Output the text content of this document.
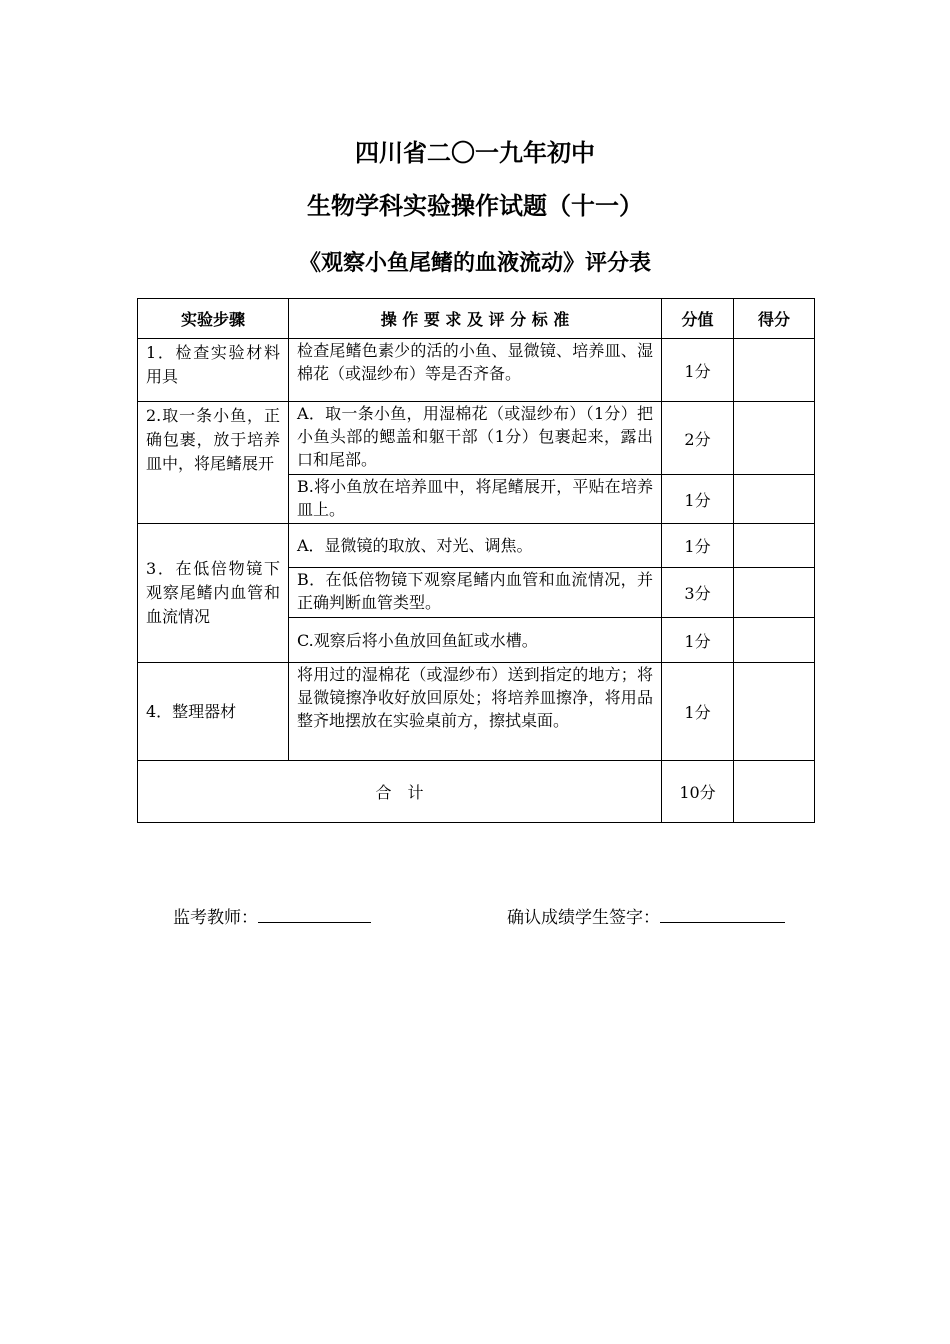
四川省二〇一九年初中
生物学科实验操作试题（十一）
《观察小鱼尾鳍的血液流动》评分表
实验步骤	操 作 要 求 及 评 分 标 准	分值	得分
1．检查实验材料用具	检查尾鳍色素少的活的小鱼、显微镜、培养皿、湿棉花（或湿纱布）等是否齐备。	1分	
2.取一条小鱼，正确包裹，放于培养皿中，将尾鳍展开	A．取一条小鱼，用湿棉花（或湿纱布）（1分）把小鱼头部的鳃盖和躯干部（1分）包裹起来，露出口和尾部。	2分	
	B.将小鱼放在培养皿中，将尾鳍展开，平贴在培养皿上。	1分	
3．在低倍物镜下观察尾鳍内血管和血流情况	A．显微镜的取放、对光、调焦。	1分	
	B．在低倍物镜下观察尾鳍内血管和血流情况，并正确判断血管类型。	3分	
	C.观察后将小鱼放回鱼缸或水槽。	1分	
4．整理器材	将用过的湿棉花（或湿纱布）送到指定的地方；将显微镜擦净收好放回原处；将培养皿擦净，将用品整齐地摆放在实验桌前方，擦拭桌面。	1分	
合　计		10分	
监考教师：	确认成绩学生签字：
